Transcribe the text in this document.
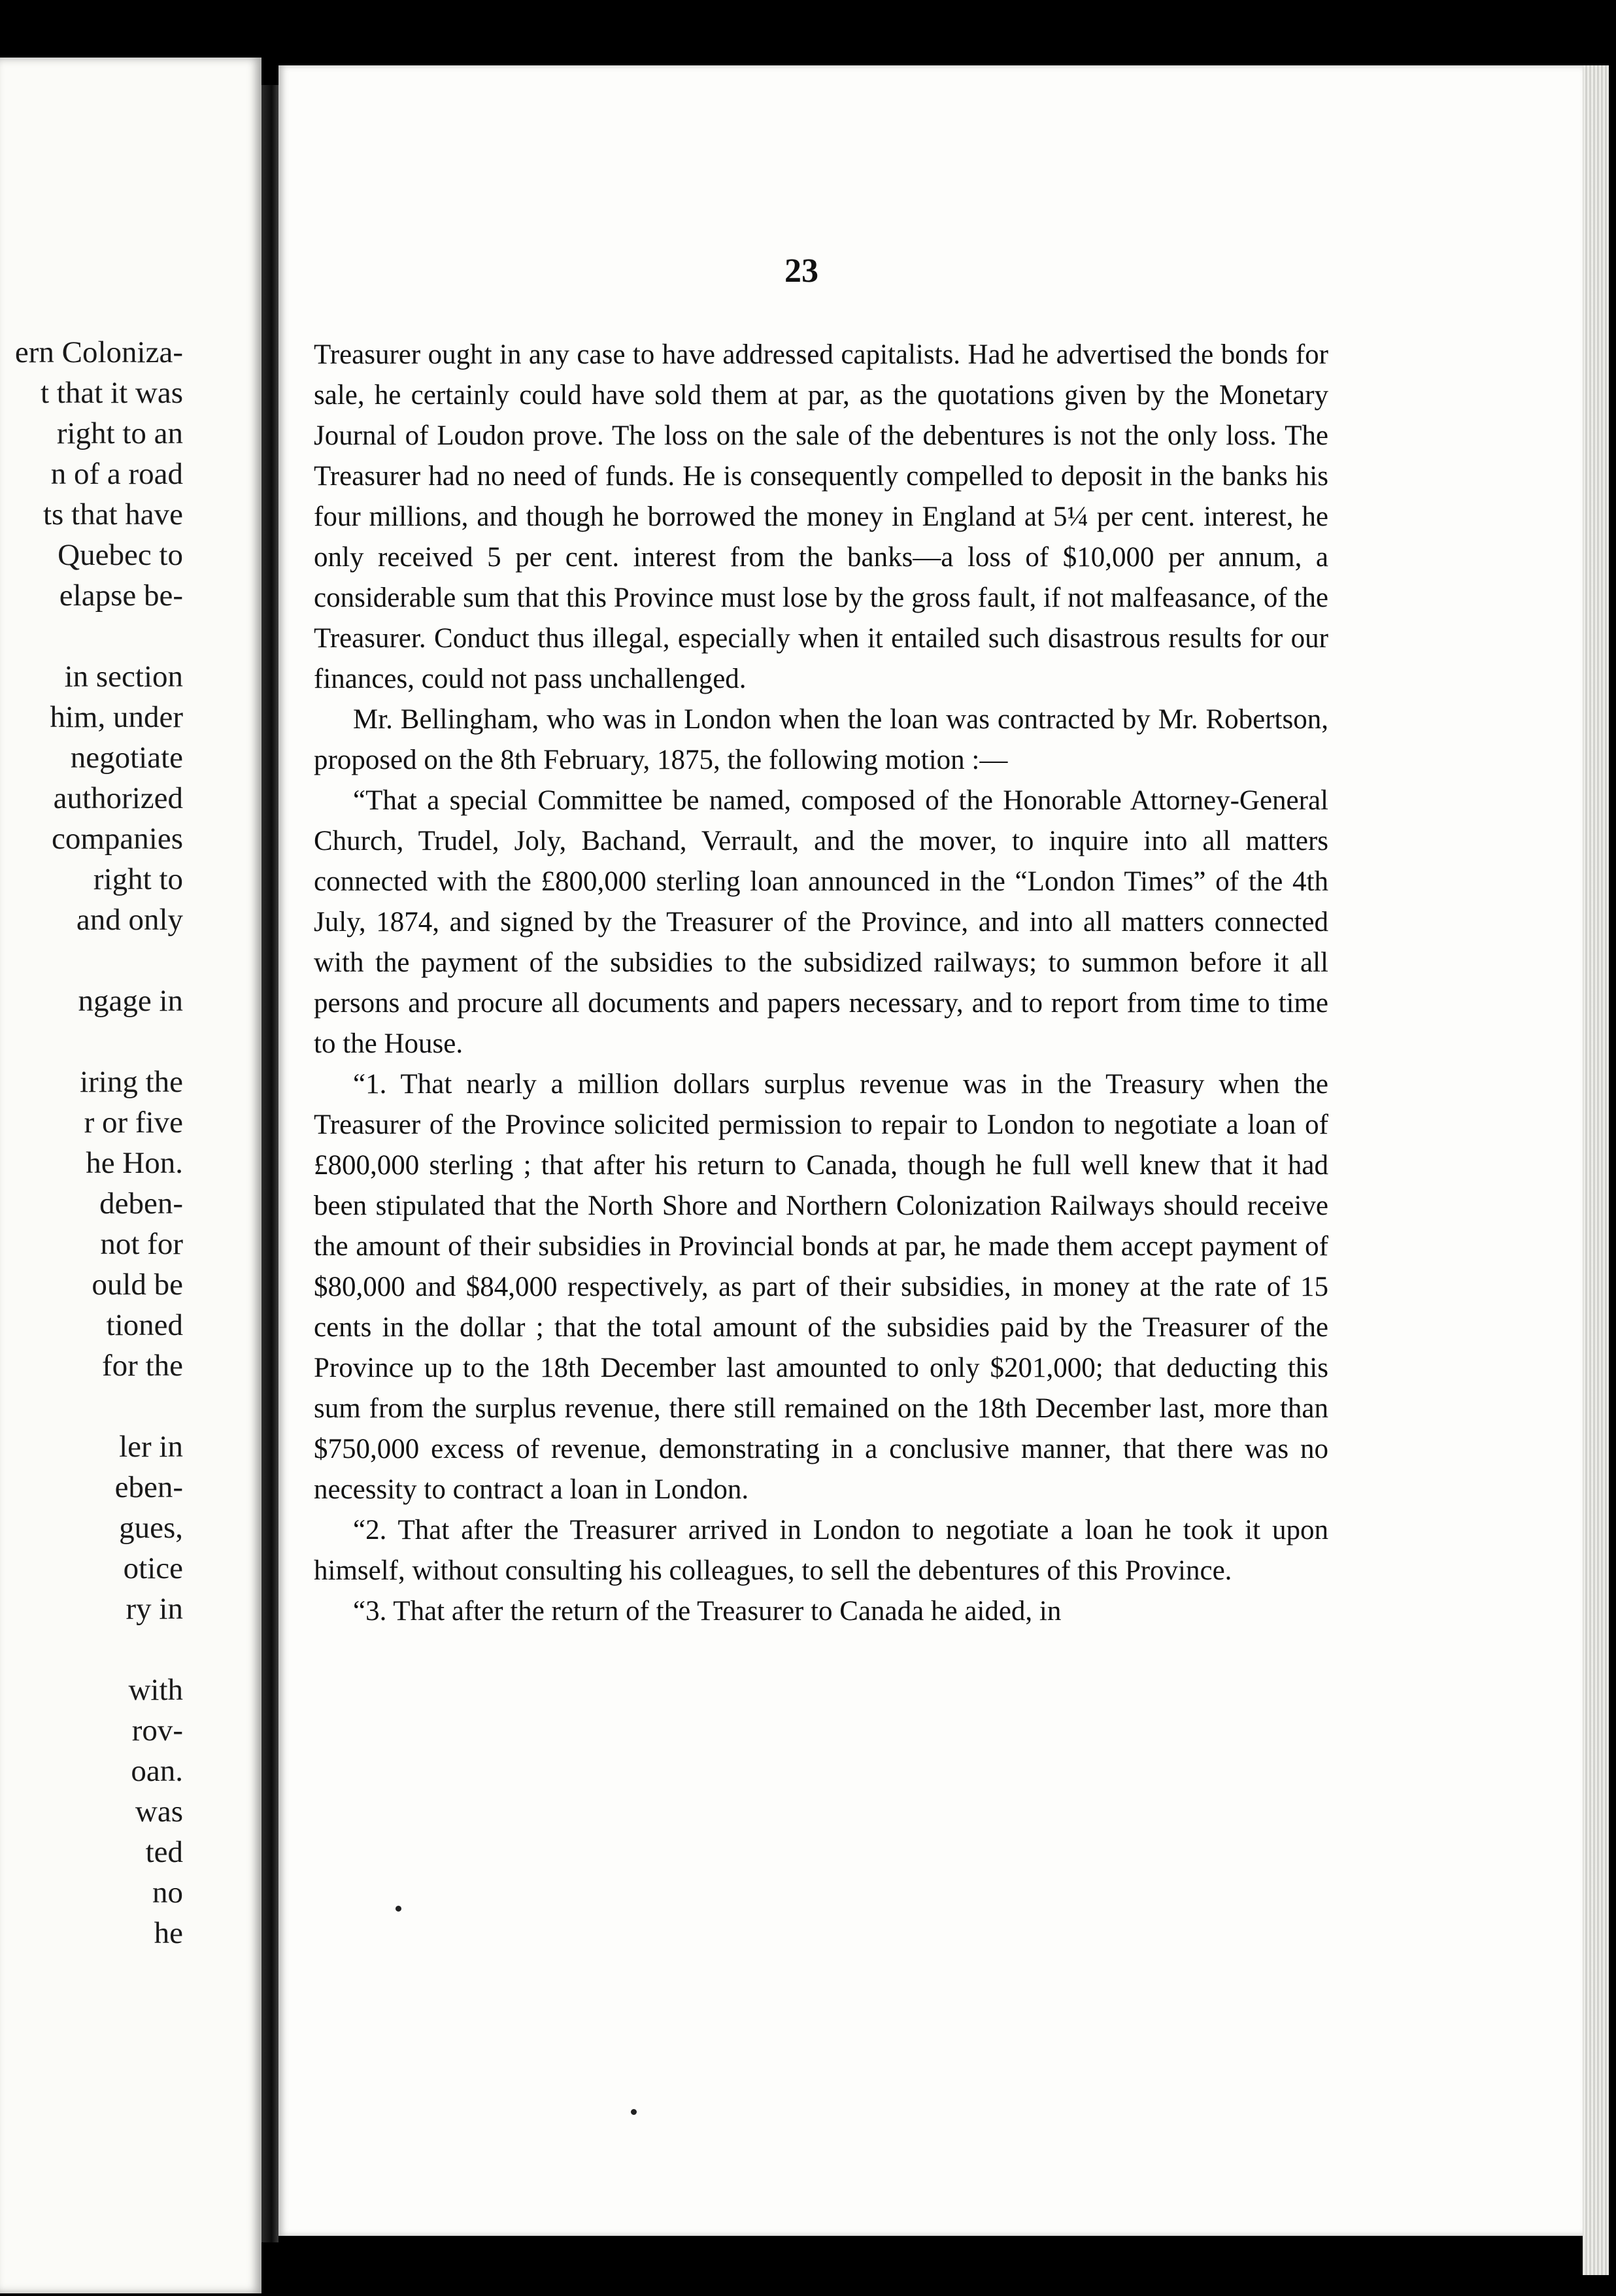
ern Coloniza-
t that it was
right to an
n of a road
ts that have
Quebec to
elapse be-
in section
him, under
negotiate
authorized
companies
right to
and only
ngage in
iring the
r or five
he Hon.
deben-
not for
ould be
tioned
for the
ler in
eben-
gues,
otice
ry in
with
rov-
oan.
was
ted
no
he
23

Treasurer ought in any case to have addressed capitalists. Had he advertised the bonds for sale, he certainly could have sold them at par, as the quotations given by the Monetary Journal of Loudon prove. The loss on the sale of the debentures is not the only loss. The Treasurer had no need of funds. He is consequently compelled to deposit in the banks his four millions, and though he borrowed the money in England at 5¼ per cent. interest, he only received 5 per cent. interest from the banks—a loss of $10,000 per annum, a considerable sum that this Province must lose by the gross fault, if not malfeasance, of the Treasurer. Conduct thus illegal, especially when it entailed such disastrous results for our finances, could not pass unchallenged.

Mr. Bellingham, who was in London when the loan was contracted by Mr. Robertson, proposed on the 8th February, 1875, the following motion :—

“That a special Committee be named, composed of the Honorable Attorney-General Church, Trudel, Joly, Bachand, Verrault, and the mover, to inquire into all matters connected with the £800,000 sterling loan announced in the “London Times” of the 4th July, 1874, and signed by the Treasurer of the Province, and into all matters connected with the payment of the subsidies to the subsidized railways; to summon before it all persons and procure all documents and papers necessary, and to report from time to time to the House.

“1. That nearly a million dollars surplus revenue was in the Treasury when the Treasurer of the Province solicited permission to repair to London to negotiate a loan of £800,000 sterling ; that after his return to Canada, though he full well knew that it had been stipulated that the North Shore and Northern Colonization Railways should receive the amount of their subsidies in Provincial bonds at par, he made them accept payment of $80,000 and $84,000 respectively, as part of their subsidies, in money at the rate of 15 cents in the dollar ; that the total amount of the subsidies paid by the Treasurer of the Province up to the 18th December last amounted to only $201,000; that deducting this sum from the surplus revenue, there still remained on the 18th December last, more than $750,000 excess of revenue, demonstrating in a conclusive manner, that there was no necessity to contract a loan in London.

“2. That after the Treasurer arrived in London to negotiate a loan he took it upon himself, without consulting his colleagues, to sell the debentures of this Province.

“3. That after the return of the Treasurer to Canada he aided, in
